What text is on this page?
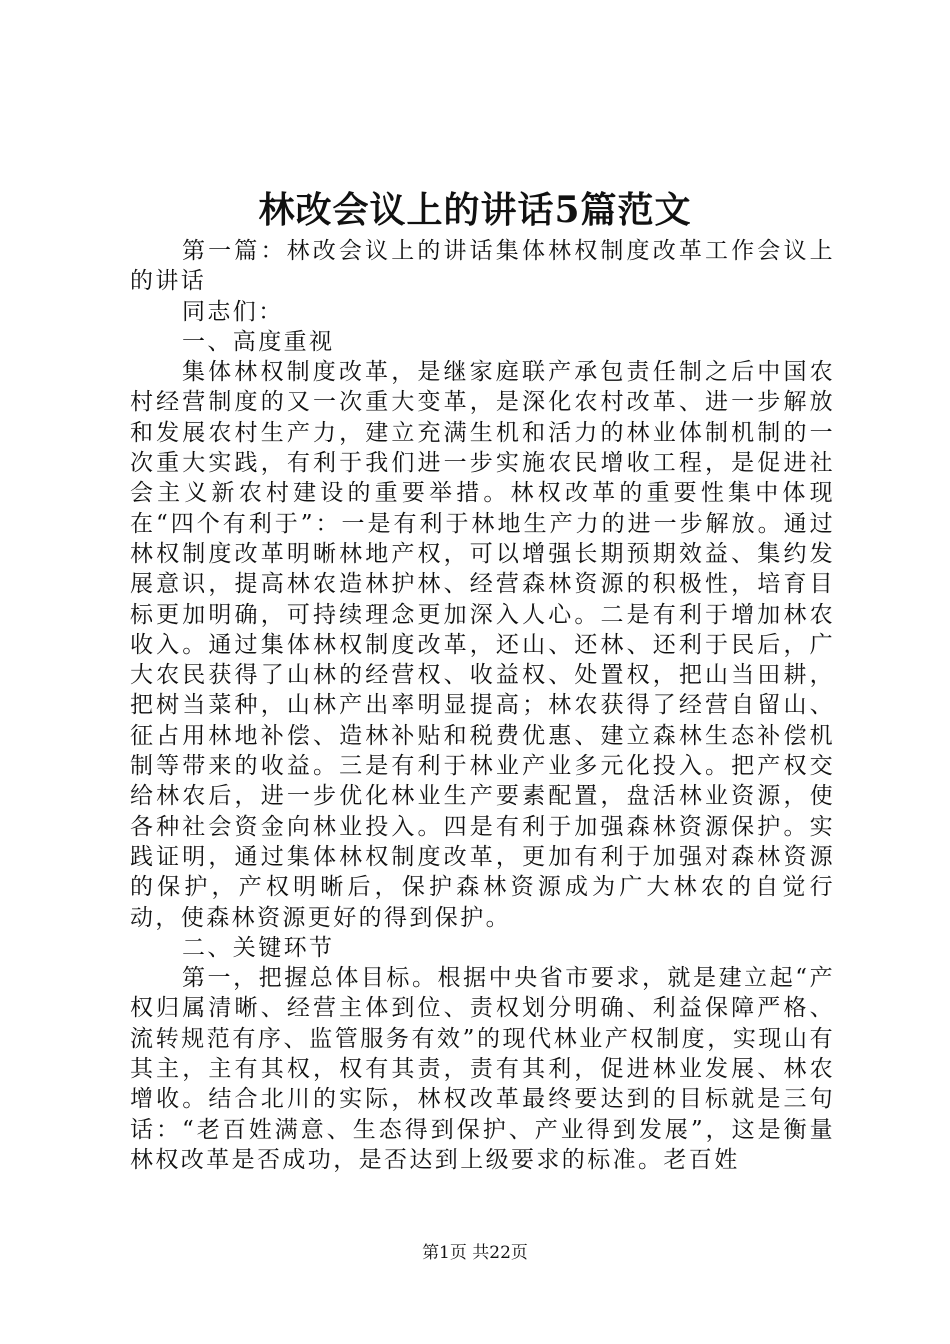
林改会议上的讲话5篇范文

第一篇：林改会议上的讲话集体林权制度改革工作会议上的讲话

同志们：

一、高度重视

集体林权制度改革，是继家庭联产承包责任制之后中国农村经营制度的又一次重大变革，是深化农村改革、进一步解放和发展农村生产力，建立充满生机和活力的林业体制机制的一次重大实践，有利于我们进一步实施农民增收工程，是促进社会主义新农村建设的重要举措。林权改革的重要性集中体现在“四个有利于”：一是有利于林地生产力的进一步解放。通过林权制度改革明晰林地产权，可以增强长期预期效益、集约发展意识，提高林农造林护林、经营森林资源的积极性，培育目标更加明确，可持续理念更加深入人心。二是有利于增加林农收入。通过集体林权制度改革，还山、还林、还利于民后，广大农民获得了山林的经营权、收益权、处置权，把山当田耕，把树当菜种，山林产出率明显提高；林农获得了经营自留山、征占用林地补偿、造林补贴和税费优惠、建立森林生态补偿机制等带来的收益。三是有利于林业产业多元化投入。把产权交给林农后，进一步优化林业生产要素配置，盘活林业资源，使各种社会资金向林业投入。四是有利于加强森林资源保护。实践证明，通过集体林权制度改革，更加有利于加强对森林资源的保护，产权明晰后，保护森林资源成为广大林农的自觉行动，使森林资源更好的得到保护。

二、关键环节

第一，把握总体目标。根据中央省市要求，就是建立起“产权归属清晰、经营主体到位、责权划分明确、利益保障严格、流转规范有序、监管服务有效”的现代林业产权制度，实现山有其主，主有其权，权有其责，责有其利，促进林业发展、林农增收。结合北川的实际，林权改革最终要达到的目标就是三句话：“老百姓满意、生态得到保护、产业得到发展”，这是衡量林权改革是否成功，是否达到上级要求的标准。老百姓

第1页 共22页
